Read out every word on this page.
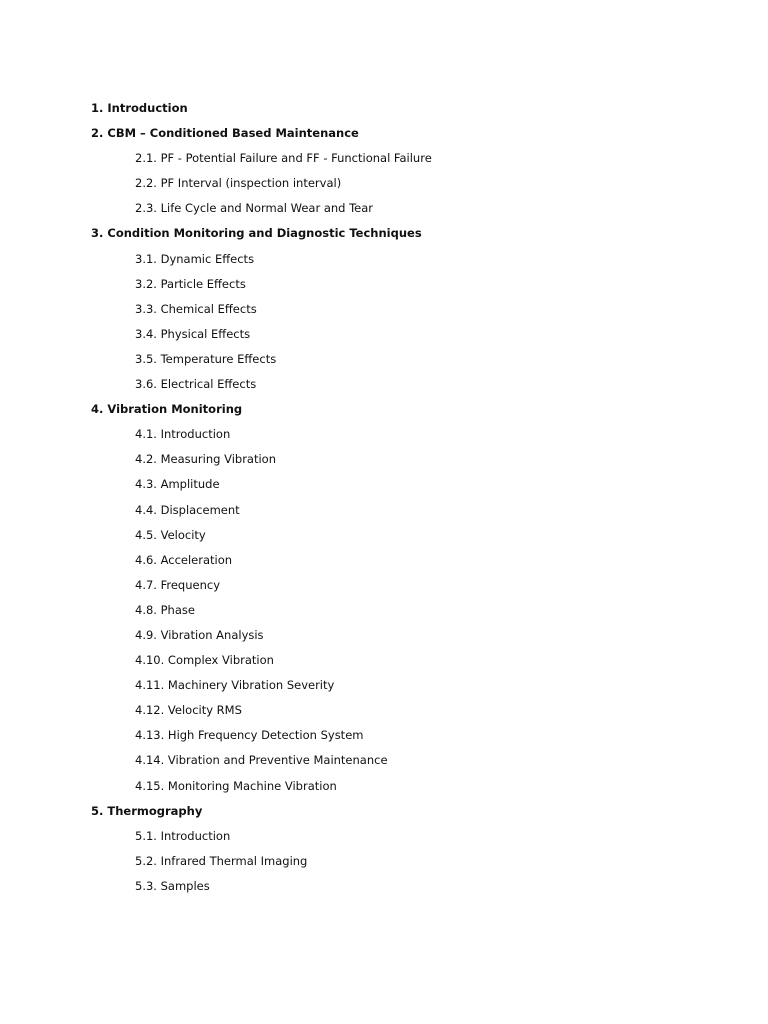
1. Introduction
2. CBM – Conditioned Based Maintenance
2.1. PF - Potential Failure and FF - Functional Failure
2.2. PF Interval (inspection interval)
2.3. Life Cycle and Normal Wear and Tear
3. Condition Monitoring and Diagnostic Techniques
3.1. Dynamic Effects
3.2. Particle Effects
3.3. Chemical Effects
3.4. Physical Effects
3.5. Temperature Effects
3.6. Electrical Effects
4. Vibration Monitoring
4.1. Introduction
4.2. Measuring Vibration
4.3. Amplitude
4.4. Displacement
4.5. Velocity
4.6. Acceleration
4.7. Frequency
4.8. Phase
4.9. Vibration Analysis
4.10. Complex Vibration
4.11. Machinery Vibration Severity
4.12. Velocity RMS
4.13. High Frequency Detection System
4.14. Vibration and Preventive Maintenance
4.15. Monitoring Machine Vibration
5. Thermography
5.1. Introduction
5.2. Infrared Thermal Imaging
5.3. Samples
